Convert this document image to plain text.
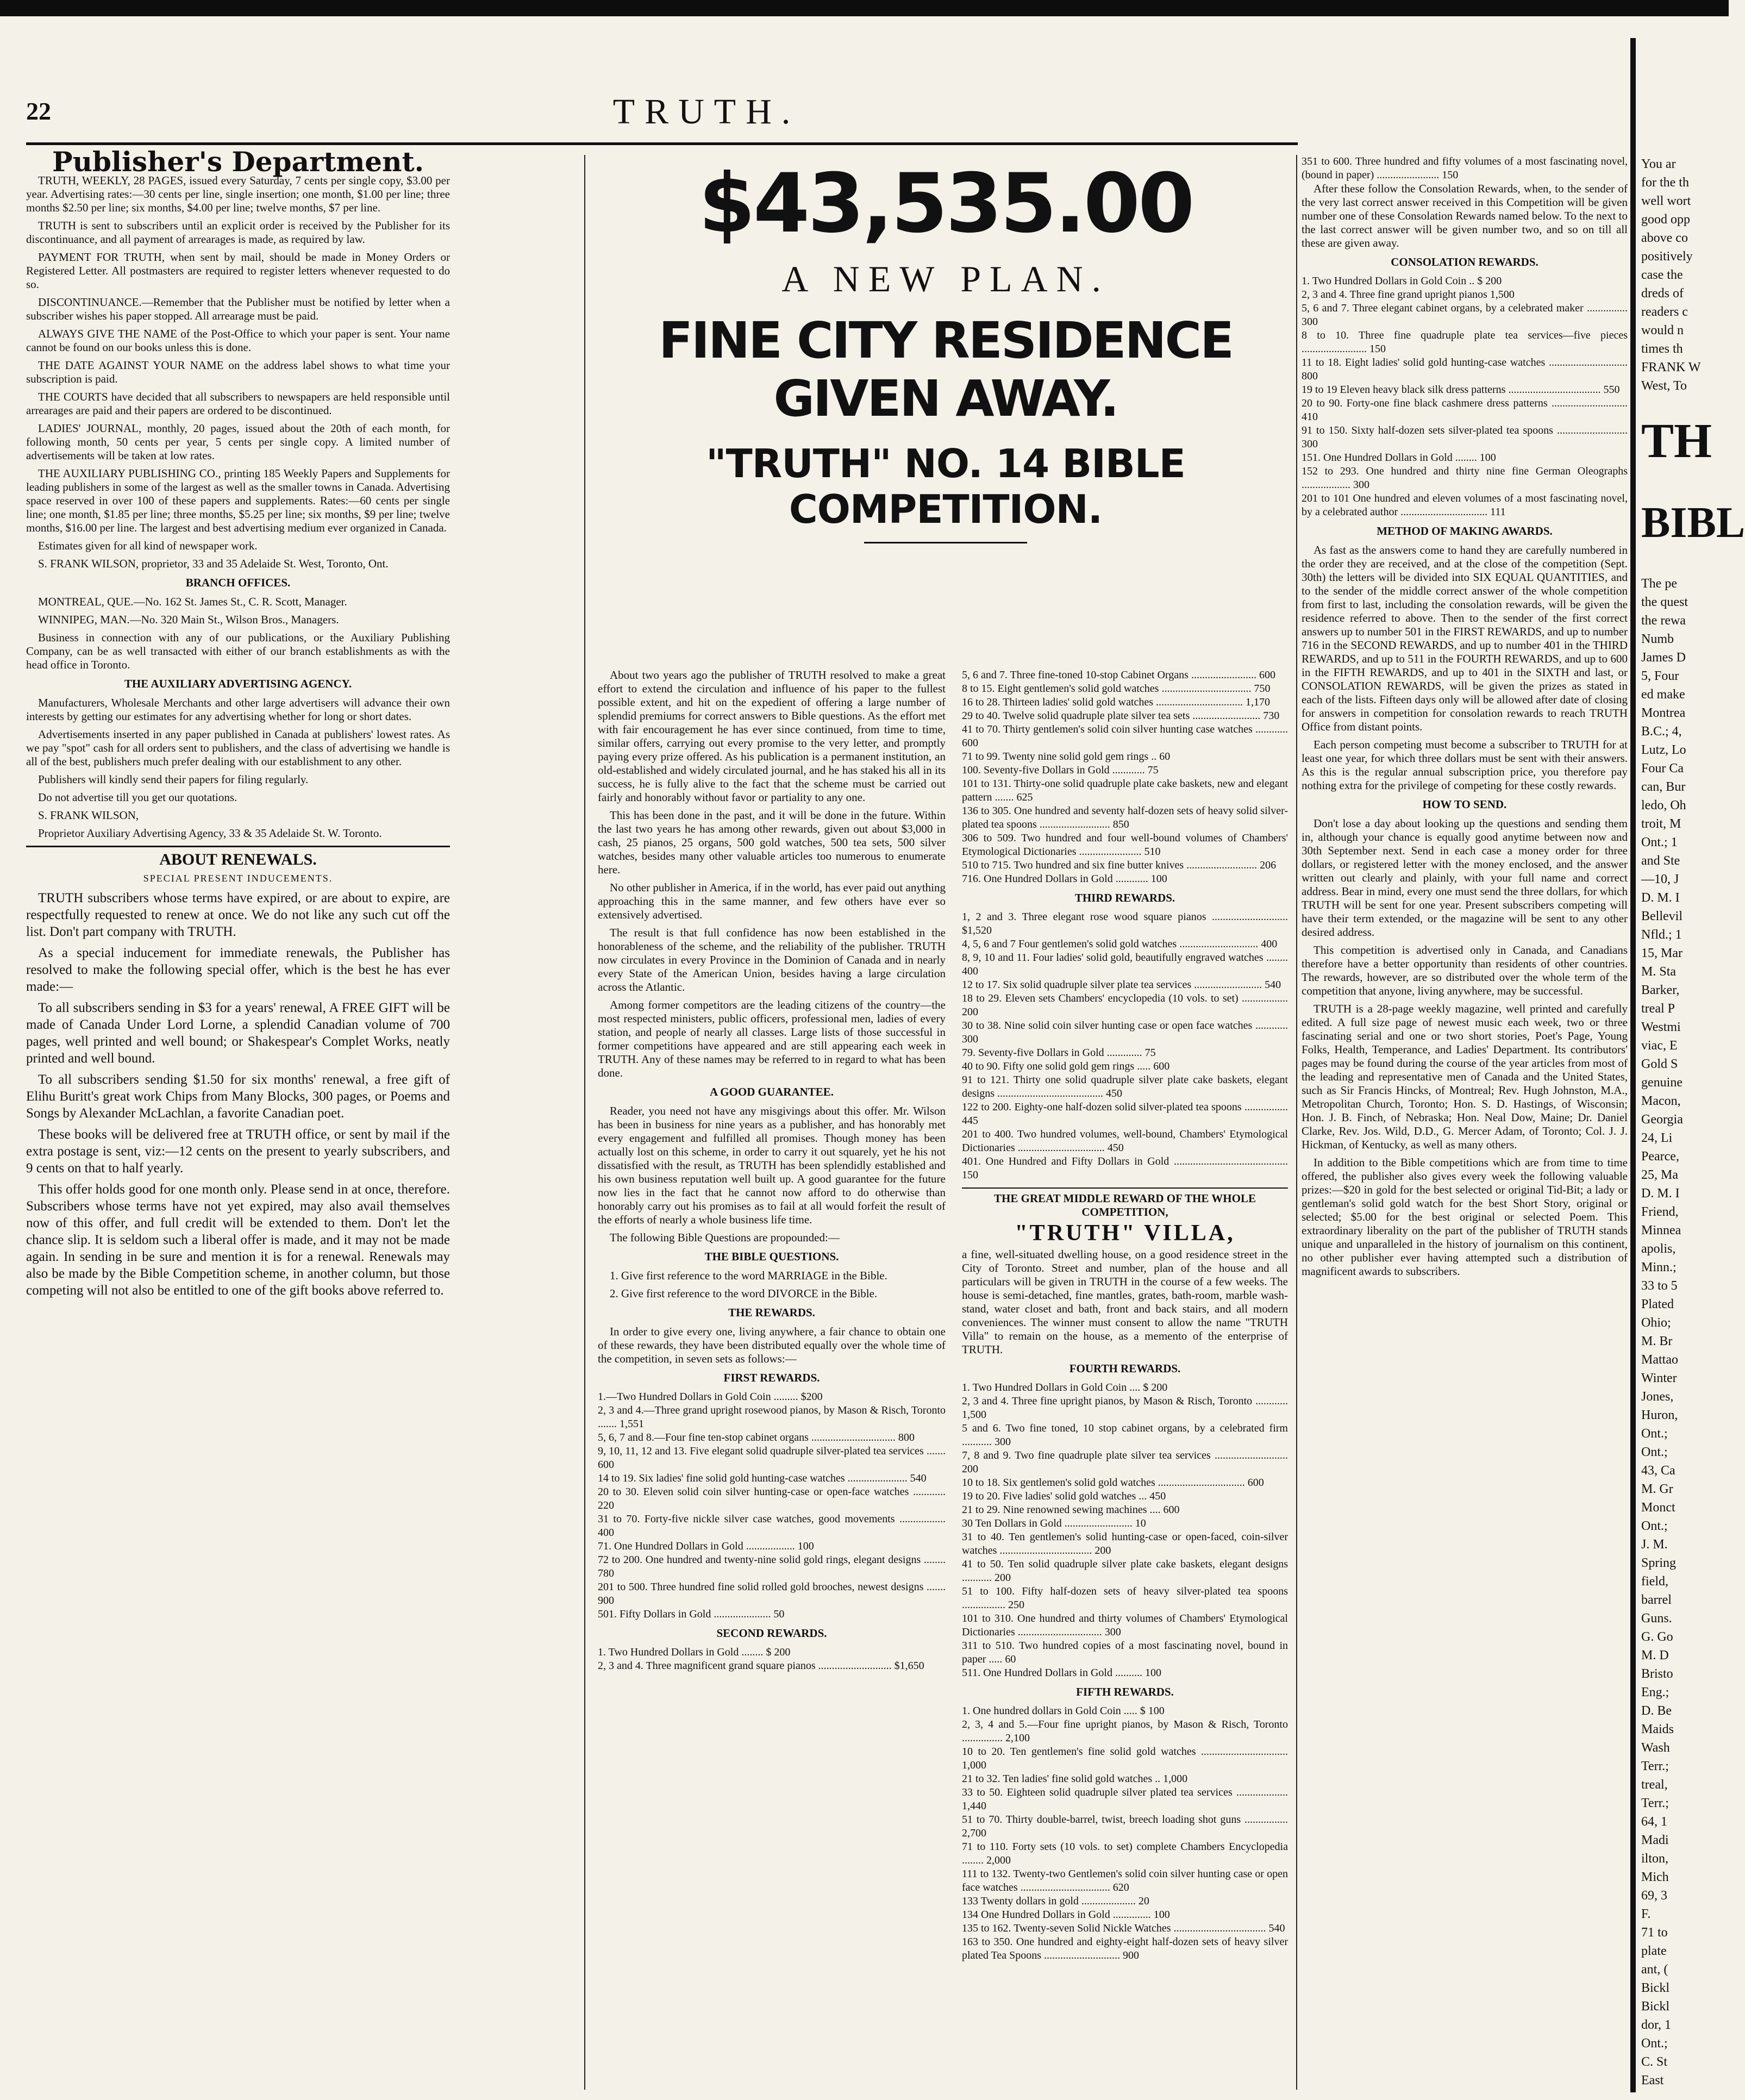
22	TRUTH.

Publisher's Department.

TRUTH, WEEKLY, 28 PAGES, issued every Saturday, 7 cents per single copy, $3.00 per year. Advertising rates:—30 cents per line, single insertion; one month, $1.00 per line; three months $2.50 per line; six months, $4.00 per line; twelve months, $7 per line.

TRUTH is sent to subscribers until an explicit order is received by the Publisher for its discontinuance, and all payment of arrearages is made, as required by law.

PAYMENT FOR TRUTH, when sent by mail, should be made in Money Orders or Registered Letter. All postmasters are required to register letters whenever requested to do so.

DISCONTINUANCE.—Remember that the Publisher must be notified by letter when a subscriber wishes his paper stopped. All arrearage must be paid.

ALWAYS GIVE THE NAME of the Post-Office to which your paper is sent. Your name cannot be found on our books unless this is done.

THE DATE AGAINST YOUR NAME on the address label shows to what time your subscription is paid.

THE COURTS have decided that all subscribers to newspapers are held responsible until arrearages are paid and their papers are ordered to be discontinued.

LADIES' JOURNAL, monthly, 20 pages, issued about the 20th of each month, for following month, 50 cents per year, 5 cents per single copy. A limited number of advertisements will be taken at low rates.

THE AUXILIARY PUBLISHING CO., printing 185 Weekly Papers and Supplements for leading publishers in some of the largest as well as the smaller towns in Canada. Advertising space reserved in over 100 of these papers and supplements. Rates:—60 cents per single line; one month, $1.85 per line; three months, $5.25 per line; six months, $9 per line; twelve months, $16.00 per line. The largest and best advertising medium ever organized in Canada.

Estimates given for all kind of newspaper work.

S. FRANK WILSON, proprietor, 33 and 35 Adelaide St. West, Toronto, Ont.

BRANCH OFFICES.

MONTREAL, QUE.—No. 162 St. James St., C. R. Scott, Manager.

WINNIPEG, MAN.—No. 320 Main St., Wilson Bros., Managers.

Business in connection with any of our publications, or the Auxiliary Publishing Company, can be as well transacted with either of our branch establishments as with the head office in Toronto.

THE AUXILIARY ADVERTISING AGENCY.

Manufacturers, Wholesale Merchants and other large advertisers will advance their own interests by getting our estimates for any advertising whether for long or short dates.

Advertisements inserted in any paper published in Canada at publishers' lowest rates. As we pay "spot" cash for all orders sent to publishers, and the class of advertising we handle is all of the best, publishers much prefer dealing with our establishment to any other.

Publishers will kindly send their papers for filing regularly.

Do not advertise till you get our quotations.

S. FRANK WILSON,

Proprietor Auxiliary Advertising Agency, 33 & 35 Adelaide St. W. Toronto.

ABOUT RENEWALS.

SPECIAL PRESENT INDUCEMENTS.

TRUTH subscribers whose terms have expired, or are about to expire, are respectfully requested to renew at once. We do not like any such cut off the list. Don't part company with TRUTH.

As a special inducement for immediate renewals, the Publisher has resolved to make the following special offer, which is the best he has ever made:—

To all subscribers sending in $3 for a years' renewal, A FREE GIFT will be made of Canada Under Lord Lorne, a splendid Canadian volume of 700 pages, well printed and well bound; or Shakespear's Complet Works, neatly printed and well bound.

To all subscribers sending $1.50 for six months' renewal, a free gift of Elihu Buritt's great work Chips from Many Blocks, 300 pages, or Poems and Songs by Alexander McLachlan, a favorite Canadian poet.

These books will be delivered free at TRUTH office, or sent by mail if the extra postage is sent, viz:—12 cents on the present to yearly subscribers, and 9 cents on that to half yearly.

This offer holds good for one month only. Please send in at once, therefore. Subscribers whose terms have not yet expired, may also avail themselves now of this offer, and full credit will be extended to them. Don't let the chance slip. It is seldom such a liberal offer is made, and it may not be made again. In sending in be sure and mention it is for a renewal. Renewals may also be made by the Bible Competition scheme, in another column, but those competing will not also be entitled to one of the gift books above referred to.

$43,535.00
A NEW PLAN.
FINE CITY RESIDENCE GIVEN AWAY.
"TRUTH" NO. 14 BIBLE COMPETITION.

About two years ago the publisher of TRUTH resolved to make a great effort to extend the circulation and influence of his paper to the fullest possible extent, and hit on the expedient of offering a large number of splendid premiums for correct answers to Bible questions. As the effort met with fair encouragement he has ever since continued, from time to time, similar offers, carrying out every promise to the very letter, and promptly paying every prize offered. As his publication is a permanent institution, an old-established and widely circulated journal, and he has staked his all in its success, he is fully alive to the fact that the scheme must be carried out fairly and honorably without favor or partiality to any one.

This has been done in the past, and it will be done in the future. Within the last two years he has among other rewards, given out about $3,000 in cash, 25 pianos, 25 organs, 500 gold watches, 500 tea sets, 500 silver watches, besides many other valuable articles too numerous to enumerate here.

No other publisher in America, if in the world, has ever paid out anything approaching this in the same manner, and few others have ever so extensively advertised.

The result is that full confidence has now been established in the honorableness of the scheme, and the reliability of the publisher. TRUTH now circulates in every Province in the Dominion of Canada and in nearly every State of the American Union, besides having a large circulation across the Atlantic.

Among former competitors are the leading citizens of the country—the most respected ministers, public officers, professional men, ladies of every station, and people of nearly all classes. Large lists of those successful in former competitions have appeared and are still appearing each week in TRUTH. Any of these names may be referred to in regard to what has been done.

A GOOD GUARANTEE.

Reader, you need not have any misgivings about this offer. Mr. Wilson has been in business for nine years as a publisher, and has honorably met every engagement and fulfilled all promises. Though money has been actually lost on this scheme, in order to carry it out squarely, yet he his not dissatisfied with the result, as TRUTH has been splendidly established and his own business reputation well built up. A good guarantee for the future now lies in the fact that he cannot now afford to do otherwise than honorably carry out his promises as to fail at all would forfeit the result of the efforts of nearly a whole business life time.

The following Bible Questions are propounded:—

THE BIBLE QUESTIONS.

1. Give first reference to the word MARRIAGE in the Bible.

2. Give first reference to the word DIVORCE in the Bible.

THE REWARDS.

In order to give every one, living anywhere, a fair chance to obtain one of these rewards, they have been distributed equally over the whole time of the competition, in seven sets as follows:—

FIRST REWARDS.

1.—Two Hundred Dollars in Gold Coin ......... $200
2, 3 and 4.—Three grand upright rosewood pianos, by Mason & Risch, Toronto ....... 1,551
5, 6, 7 and 8.—Four fine ten-stop cabinet organs ............................... 800
9, 10, 11, 12 and 13. Five elegant solid quadruple silver-plated tea services ....... 600
14 to 19. Six ladies' fine solid gold hunting-case watches ...................... 540
20 to 30. Eleven solid coin silver hunting-case or open-face watches ............ 220
31 to 70. Forty-five nickle silver case watches, good movements ................. 400
71. One Hundred Dollars in Gold .................. 100
72 to 200. One hundred and twenty-nine solid gold rings, elegant designs ........ 780
201 to 500. Three hundred fine solid rolled gold brooches, newest designs ....... 900
501. Fifty Dollars in Gold ..................... 50

SECOND REWARDS.

1. Two Hundred Dollars in Gold ........ $ 200
2, 3 and 4. Three magnificent grand square pianos ........................... $1,650
5, 6 and 7. Three fine-toned 10-stop Cabinet Organs ........................ 600
8 to 15. Eight gentlemen's solid gold watches ................................. 750
16 to 28. Thirteen ladies' solid gold watches ................................ 1,170
29 to 40. Twelve solid quadruple plate silver tea sets ......................... 730
41 to 70. Thirty gentlemen's solid coin silver hunting case watches ............ 600
71 to 99. Twenty nine solid gold gem rings .. 60
100. Seventy-five Dollars in Gold ............ 75
101 to 131. Thirty-one solid quadruple plate cake baskets, new and elegant pattern ....... 625
136 to 305. One hundred and seventy half-dozen sets of heavy solid silver-plated tea spoons .......................... 850
306 to 509. Two hundred and four well-bound volumes of Chambers' Etymological Dictionaries ....................... 510
510 to 715. Two hundred and six fine butter knives .......................... 206
716. One Hundred Dollars in Gold ............ 100

THIRD REWARDS.

1, 2 and 3. Three elegant rose wood square pianos ............................ $1,520
4, 5, 6 and 7 Four gentlemen's solid gold watches ............................. 400
8, 9, 10 and 11. Four ladies' solid gold, beautifully engraved watches ........ 400
12 to 17. Six solid quadruple silver plate tea services ......................... 540
18 to 29. Eleven sets Chambers' encyclopedia (10 vols. to set) ................. 200
30 to 38. Nine solid coin silver hunting case or open face watches ............ 300
79. Seventy-five Dollars in Gold ............. 75
40 to 90. Fifty one solid gold gem rings ..... 600
91 to 121. Thirty one solid quadruple silver plate cake baskets, elegant designs ....................................... 450
122 to 200. Eighty-one half-dozen solid silver-plated tea spoons ................ 445
201 to 400. Two hundred volumes, well-bound, Chambers' Etymological Dictionaries ................................ 450
401. One Hundred and Fifty Dollars in Gold .......................................... 150

THE GREAT MIDDLE REWARD OF THE WHOLE COMPETITION,

"TRUTH" VILLA,

a fine, well-situated dwelling house, on a good residence street in the City of Toronto. Street and number, plan of the house and all particulars will be given in TRUTH in the course of a few weeks. The house is semi-detached, fine mantles, grates, bath-room, marble wash-stand, water closet and bath, front and back stairs, and all modern conveniences. The winner must consent to allow the name "TRUTH Villa" to remain on the house, as a memento of the enterprise of TRUTH.

FOURTH REWARDS.

1. Two Hundred Dollars in Gold Coin .... $ 200
2, 3 and 4. Three fine upright pianos, by Mason & Risch, Toronto ............ 1,500
5 and 6. Two fine toned, 10 stop cabinet organs, by a celebrated firm ........... 300
7, 8 and 9. Two fine quadruple plate silver tea services ........................... 200
10 to 18. Six gentlemen's solid gold watches ................................ 600
19 to 20. Five ladies' solid gold watches ... 450
21 to 29. Nine renowned sewing machines .... 600
30 Ten Dollars in Gold ......................... 10
31 to 40. Ten gentlemen's solid hunting-case or open-faced, coin-silver watches .................................. 200
41 to 50. Ten solid quadruple silver plate cake baskets, elegant designs ........... 200
51 to 100. Fifty half-dozen sets of heavy silver-plated tea spoons ................ 250
101 to 310. One hundred and thirty volumes of Chambers' Etymological Dictionaries ............................... 300
311 to 510. Two hundred copies of a most fascinating novel, bound in paper ..... 60
511. One Hundred Dollars in Gold .......... 100

FIFTH REWARDS.

1. One hundred dollars in Gold Coin ..... $ 100
2, 3, 4 and 5.—Four fine upright pianos, by Mason & Risch, Toronto ............... 2,100
10 to 20. Ten gentlemen's fine solid gold watches ................................ 1,000
21 to 32. Ten ladies' fine solid gold watches .. 1,000
33 to 50. Eighteen solid quadruple silver plated tea services ................... 1,440
51 to 70. Thirty double-barrel, twist, breech loading shot guns ................ 2,700
71 to 110. Forty sets (10 vols. to set) complete Chambers Encyclopedia ........ 2,000
111 to 132. Twenty-two Gentlemen's solid coin silver hunting case or open face watches ................................. 620
133 Twenty dollars in gold .................... 20
134 One Hundred Dollars in Gold .............. 100
135 to 162. Twenty-seven Solid Nickle Watches .................................. 540
163 to 350. One hundred and eighty-eight half-dozen sets of heavy silver plated Tea Spoons ............................ 900
351 to 600. Three hundred and fifty volumes of a most fascinating novel, (bound in paper) ....................... 150

After these follow the Consolation Rewards, when, to the sender of the very last correct answer received in this Competition will be given number one of these Consolation Rewards named below. To the next to the last correct answer will be given number two, and so on till all these are given away.

CONSOLATION REWARDS.

1. Two Hundred Dollars in Gold Coin .. $ 200
2, 3 and 4. Three fine grand upright pianos 1,500
5, 6 and 7. Three elegant cabinet organs, by a celebrated maker ............... 300
8 to 10. Three fine quadruple plate tea services—five pieces ........................ 150
11 to 18. Eight ladies' solid gold hunting-case watches ............................. 800
19 to 19 Eleven heavy black silk dress patterns .................................. 550
20 to 90. Forty-one fine black cashmere dress patterns ............................ 410
91 to 150. Sixty half-dozen sets silver-plated tea spoons .......................... 300
151. One Hundred Dollars in Gold ........ 100
152 to 293. One hundred and thirty nine fine German Oleographs .................. 300
201 to 101 One hundred and eleven volumes of a most fascinating novel, by a celebrated author ................................ 111

METHOD OF MAKING AWARDS.

As fast as the answers come to hand they are carefully numbered in the order they are received, and at the close of the competition (Sept. 30th) the letters will be divided into SIX EQUAL QUANTITIES, and to the sender of the middle correct answer of the whole competition from first to last, including the consolation rewards, will be given the residence referred to above. Then to the sender of the first correct answers up to number 501 in the FIRST REWARDS, and up to number 716 in the SECOND REWARDS, and up to number 401 in the THIRD REWARDS, and up to 511 in the FOURTH REWARDS, and up to 600 in the FIFTH REWARDS, and up to 401 in the SIXTH and last, or CONSOLATION REWARDS, will be given the prizes as stated in each of the lists. Fifteen days only will be allowed after date of closing for answers in competition for consolation rewards to reach TRUTH Office from distant points.

Each person competing must become a subscriber to TRUTH for at least one year, for which three dollars must be sent with their answers. As this is the regular annual subscription price, you therefore pay nothing extra for the privilege of competing for these costly rewards.

HOW TO SEND.

Don't lose a day about looking up the questions and sending them in, although your chance is equally good anytime between now and 30th September next. Send in each case a money order for three dollars, or registered letter with the money enclosed, and the answer written out clearly and plainly, with your full name and correct address. Bear in mind, every one must send the three dollars, for which TRUTH will be sent for one year. Present subscribers competing will have their term extended, or the magazine will be sent to any other desired address.

This competition is advertised only in Canada, and Canadians therefore have a better opportunity than residents of other countries. The rewards, however, are so distributed over the whole term of the competition that anyone, living anywhere, may be successful.

TRUTH is a 28-page weekly magazine, well printed and carefully edited. A full size page of newest music each week, two or three fascinating serial and one or two short stories, Poet's Page, Young Folks, Health, Temperance, and Ladies' Department. Its contributors' pages may be found during the course of the year articles from most of the leading and representative men of Canada and the United States, such as Sir Francis Hincks, of Montreal; Rev. Hugh Johnston, M.A., Metropolitan Church, Toronto; Hon. S. D. Hastings, of Wisconsin; Hon. J. B. Finch, of Nebraska; Hon. Neal Dow, Maine; Dr. Daniel Clarke, Rev. Jos. Wild, D.D., G. Mercer Adam, of Toronto; Col. J. J. Hickman, of Kentucky, as well as many others.

In addition to the Bible competitions which are from time to time offered, the publisher also gives every week the following valuable prizes:—$20 in gold for the best selected or original Tid-Bit; a lady or gentleman's solid gold watch for the best Short Story, original or selected; $5.00 for the best original or selected Poem. This extraordinary liberality on the part of the publisher of TRUTH stands unique and unparalleled in the history of journalism on this continent, no other publisher ever having attempted such a distribution of magnificent awards to subscribers.

You ar
for the th
well wort
good opp
above co
positively
case the
dreds of
readers c
would n
times th
FRANK W
West, To
TH
BIBL
The pe
the quest
the rewa
Numb
James D
5, Four
ed make
Montrea
B.C.; 4,
Lutz, Lo
Four Ca
can, Bur
ledo, Oh
troit, M
Ont.; 1
and Ste
—10, J
D. M. I
Bellevil
Nfld.; 1
15, Mar
M. Sta
Barker,
treal P
Westmi
viac, E
Gold S
genuine
Macon,
Georgia
24, Li
Pearce,
25, Ma
D. M. I
Friend,
Minnea
apolis,
Minn.;
33 to 5
Plated
Ohio;
M. Br
Mattao
Winter
Jones,
Huron,
Ont.;
Ont.;
43, Ca
M. Gr
Monct
Ont.;
J. M.
Spring
field,
barrel
Guns.
G. Go
M. D
Bristo
Eng.;
D. Be
Maids
Wash
Terr.;
treal,
Terr.;
64, 1
Madi
ilton,
Mich
69, 3
F.
71 to
plate
ant, (
Bickl
Bickl
dor, 1
Ont.;
C. St
East
